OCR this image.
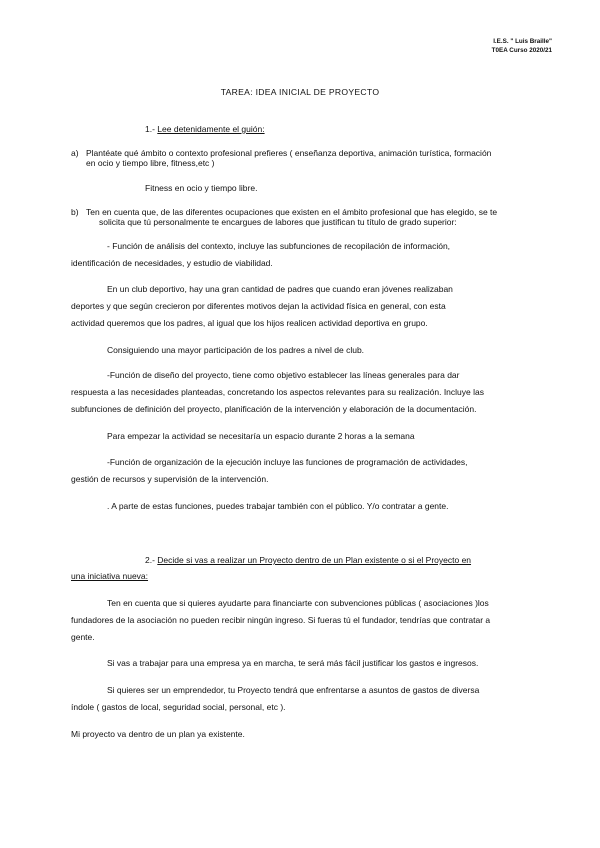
I.E.S. " Luis Braille"
T0EA Curso 2020/21
TAREA: IDEA INICIAL DE PROYECTO
1.- Lee detenidamente el guión:
a) Plantéate qué ámbito o contexto profesional prefieres ( enseñanza deportiva, animación turística, formación
en ocio y tiempo libre, fitness,etc )
Fitness en ocio y tiempo libre.
b) Ten en cuenta que, de las diferentes ocupaciones que existen en el ámbito profesional que has elegido, se te
solicita que tú personalmente te encargues de labores que justifican tu título de grado superior:
- Función de análisis del contexto, incluye las subfunciones de recopilación de información,
identificación de necesidades, y estudio de viabilidad.
En un club deportivo, hay una gran cantidad de padres que cuando eran jóvenes realizaban
deportes y que según crecieron por diferentes motivos dejan la actividad física en general, con esta
actividad queremos que los padres, al igual que los hijos realicen actividad deportiva en grupo.
Consiguiendo una mayor participación de los padres a nivel de club.
-Función de diseño del proyecto, tiene como objetivo establecer las líneas generales para dar
respuesta a las necesidades planteadas, concretando los aspectos relevantes para su realización. Incluye las
subfunciones de definición del proyecto, planificación de la intervención y elaboración de la documentación.
Para empezar la actividad se necesitaría un espacio durante 2 horas a la semana
-Función de organización de la ejecución incluye las funciones de programación de actividades,
gestión de recursos y supervisión de la intervención.
. A parte de estas funciones, puedes trabajar también con el público. Y/o contratar a gente.
2.- Decide si vas a realizar un Proyecto dentro de un Plan existente o si el Proyecto en
una iniciativa nueva:
Ten en cuenta que si quieres ayudarte para financiarte con subvenciones públicas ( asociaciones )los
fundadores de la asociación no pueden recibir ningún ingreso. Si fueras tú el fundador, tendrías que contratar a
gente.
Si vas a trabajar para una empresa ya en marcha, te será más fácil justificar los gastos e ingresos.
Si quieres ser un emprendedor, tu Proyecto tendrá que enfrentarse a asuntos de gastos de diversa
índole ( gastos de local, seguridad social, personal, etc ).
Mi proyecto va dentro de un plan ya existente.
